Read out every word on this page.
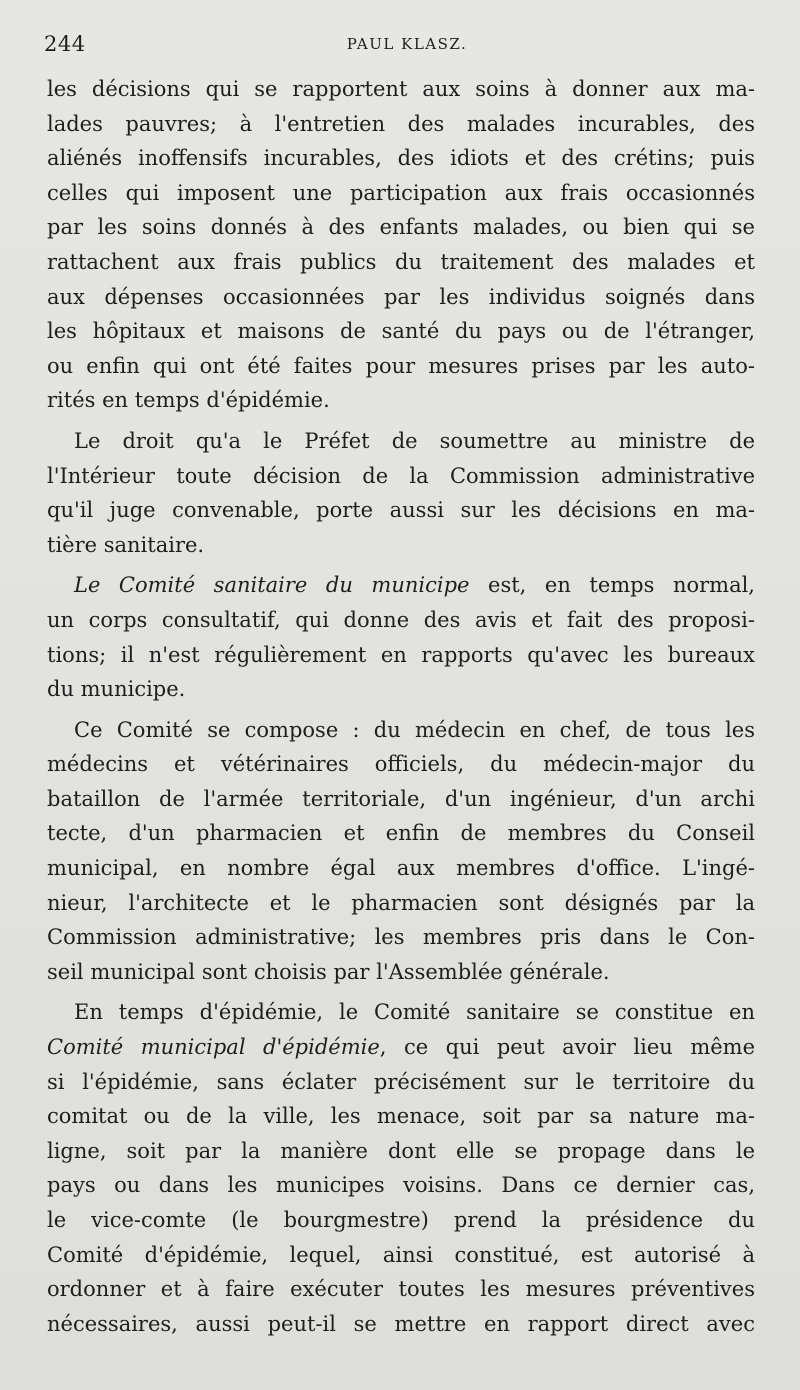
244	PAUL KLASZ.
les décisions qui se rapportent aux soins à donner aux ma-
lades pauvres; à l'entretien des malades incurables, des
aliénés inoffensifs incurables, des idiots et des crétins; puis
celles qui imposent une participation aux frais occasionnés
par les soins donnés à des enfants malades, ou bien qui se
rattachent aux frais publics du traitement des malades et
aux dépenses occasionnées par les individus soignés dans
les hôpitaux et maisons de santé du pays ou de l'étranger,
ou enfin qui ont été faites pour mesures prises par les auto-
rités en temps d'épidémie.
Le droit qu'a le Préfet de soumettre au ministre de
l'Intérieur toute décision de la Commission administrative
qu'il juge convenable, porte aussi sur les décisions en ma-
tière sanitaire.
Le Comité sanitaire du municipe est, en temps normal,
un corps consultatif, qui donne des avis et fait des proposi-
tions; il n'est régulièrement en rapports qu'avec les bureaux
du municipe.
Ce Comité se compose : du médecin en chef, de tous les
médecins et vétérinaires officiels, du médecin-major du
bataillon de l'armée territoriale, d'un ingénieur, d'un archi
tecte, d'un pharmacien et enfin de membres du Conseil
municipal, en nombre égal aux membres d'office. L'ingé-
nieur, l'architecte et le pharmacien sont désignés par la
Commission administrative; les membres pris dans le Con-
seil municipal sont choisis par l'Assemblée générale.
En temps d'épidémie, le Comité sanitaire se constitue en
Comité municipal d'épidémie, ce qui peut avoir lieu même
si l'épidémie, sans éclater précisément sur le territoire du
comitat ou de la ville, les menace, soit par sa nature ma-
ligne, soit par la manière dont elle se propage dans le
pays ou dans les municipes voisins. Dans ce dernier cas,
le vice-comte (le bourgmestre) prend la présidence du
Comité d'épidémie, lequel, ainsi constitué, est autorisé à
ordonner et à faire exécuter toutes les mesures préventives
nécessaires, aussi peut-il se mettre en rapport direct avec
